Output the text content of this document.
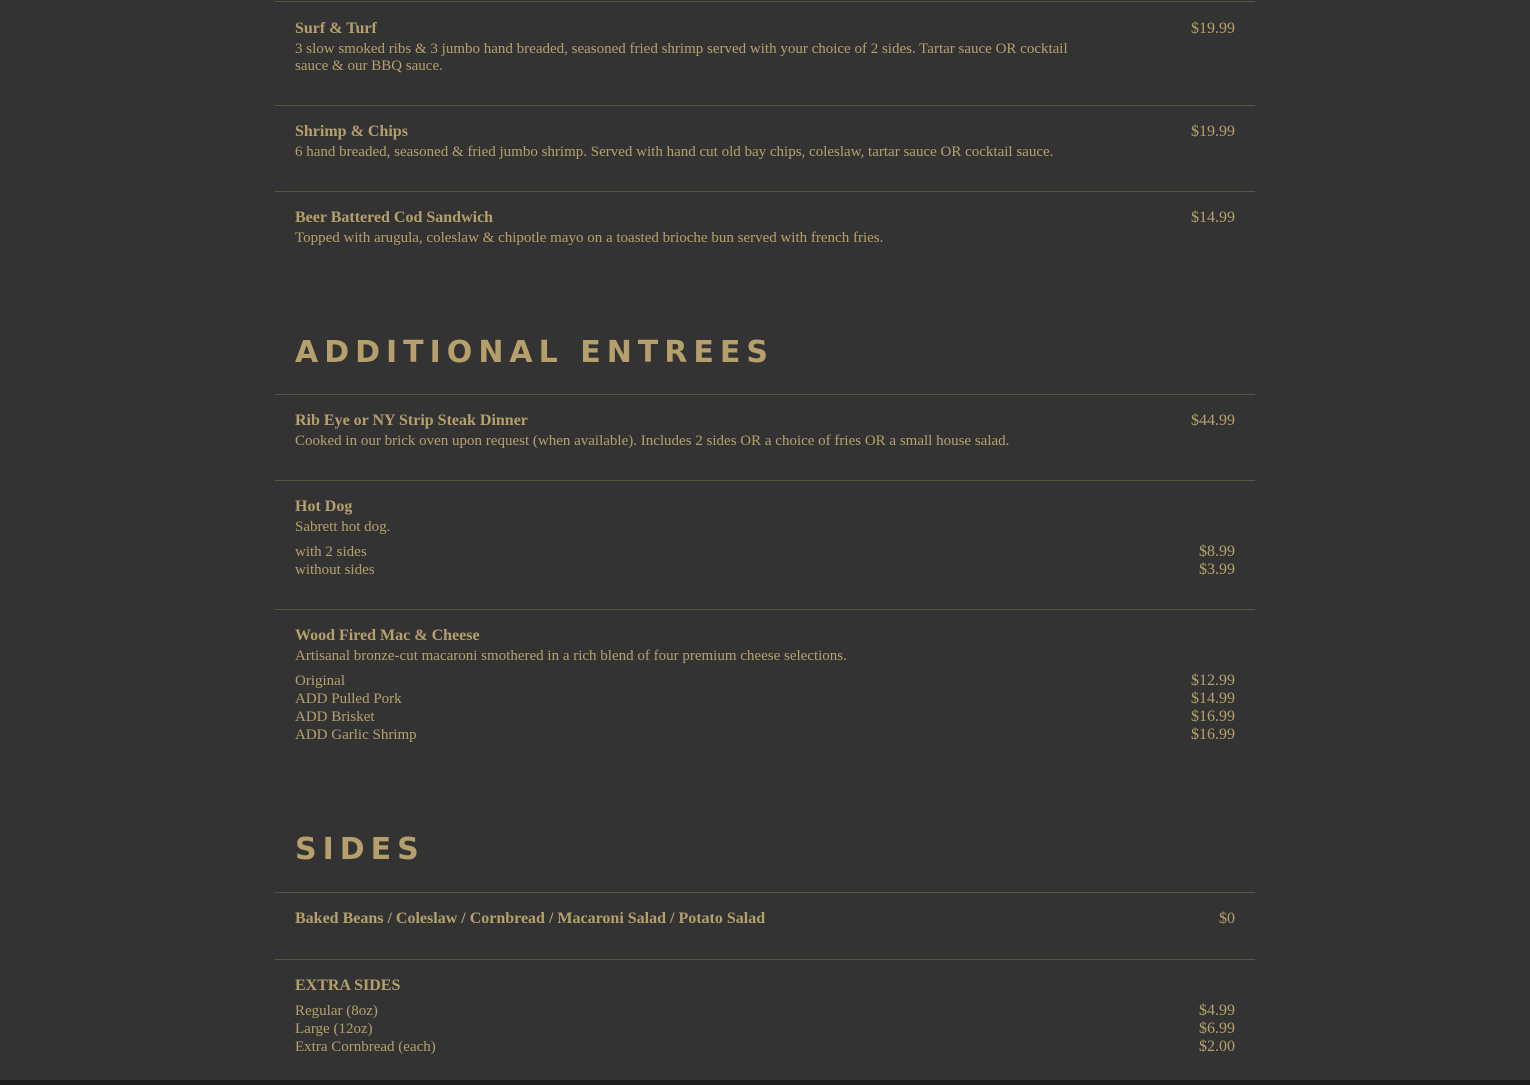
Surf & Turf	$19.99
3 slow smoked ribs & 3 jumbo hand breaded, seasoned fried shrimp served with your choice of 2 sides. Tartar sauce OR cocktail sauce & our BBQ sauce.
Shrimp & Chips	$19.99
6 hand breaded, seasoned & fried jumbo shrimp. Served with hand cut old bay chips, coleslaw, tartar sauce OR cocktail sauce.
Beer Battered Cod Sandwich	$14.99
Topped with arugula, coleslaw & chipotle mayo on a toasted brioche bun served with french fries.
ADDITIONAL ENTREES
Rib Eye or NY Strip Steak Dinner	$44.99
Cooked in our brick oven upon request (when available). Includes 2 sides OR a choice of fries OR a small house salad.
Hot Dog
Sabrett hot dog.
with 2 sides	$8.99
without sides	$3.99
Wood Fired Mac & Cheese
Artisanal bronze-cut macaroni smothered in a rich blend of four premium cheese selections.
Original	$12.99
ADD Pulled Pork	$14.99
ADD Brisket	$16.99
ADD Garlic Shrimp	$16.99
SIDES
Baked Beans / Coleslaw / Cornbread / Macaroni Salad / Potato Salad	$0
EXTRA SIDES
Regular (8oz)	$4.99
Large (12oz)	$6.99
Extra Cornbread (each)	$2.00
